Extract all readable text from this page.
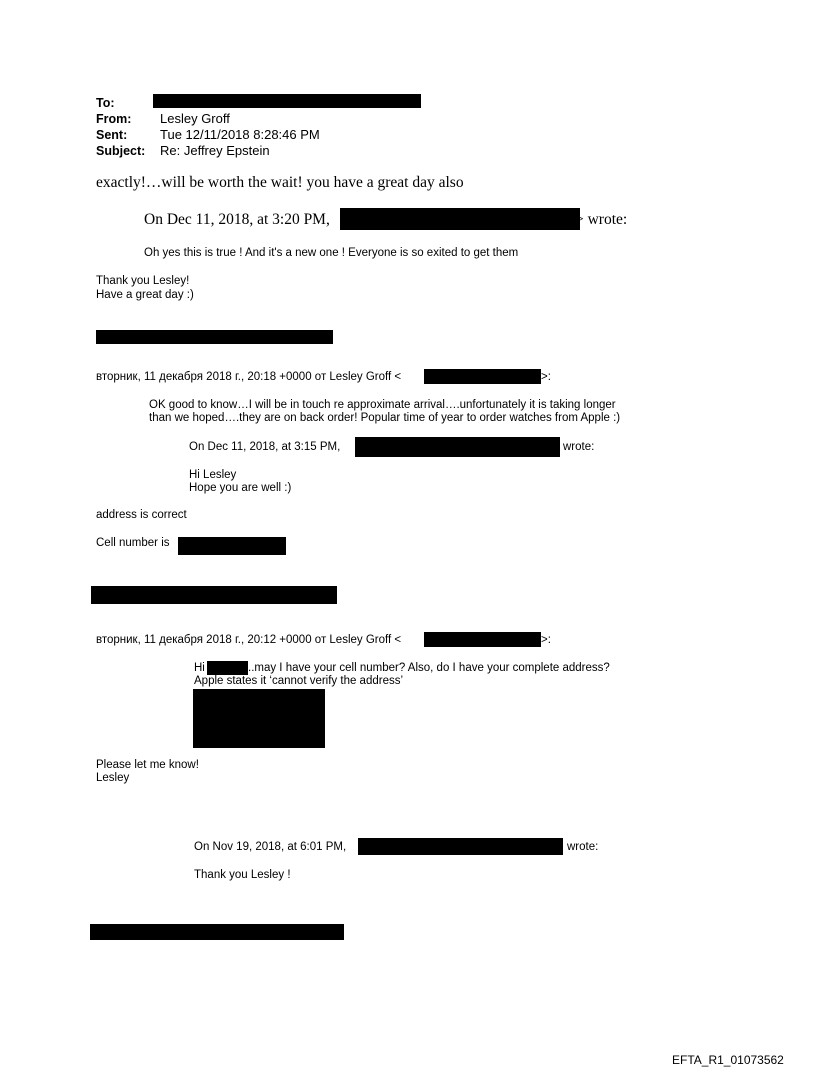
To:
From: Lesley Groff
Sent:	Tue 12/11/2018 8:28:46 PM
Subject: Re: Jeffrey Epstein
exactly!…will be worth the wait! you have a great day also
On Dec 11, 2018, at 3:20 PM,	> wrote:
Oh yes this is true ! And it's a new one ! Everyone is so exited to get them
Thank you Lesley!
Have a great day :)
вторник, 11 декабря 2018 г., 20:18 +0000 от Lesley Groff <	>:
OK good to know…I will be in touch re approximate arrival….unfortunately it is taking longer
than we hoped….they are on back order! Popular time of year to order watches from Apple :)
On Dec 11, 2018, at 3:15 PM,	wrote:
Hi Lesley
Hope you are well :)
address is correct
Cell number is
вторник, 11 декабря 2018 г., 20:12 +0000 от Lesley Groff <	>:
Hi	..may I have your cell number? Also, do I have your complete address?
Apple states it ‘cannot verify the address’
Please let me know!
Lesley
On Nov 19, 2018, at 6:01 PM,	wrote:
Thank you Lesley !
EFTA_R1_01073562
